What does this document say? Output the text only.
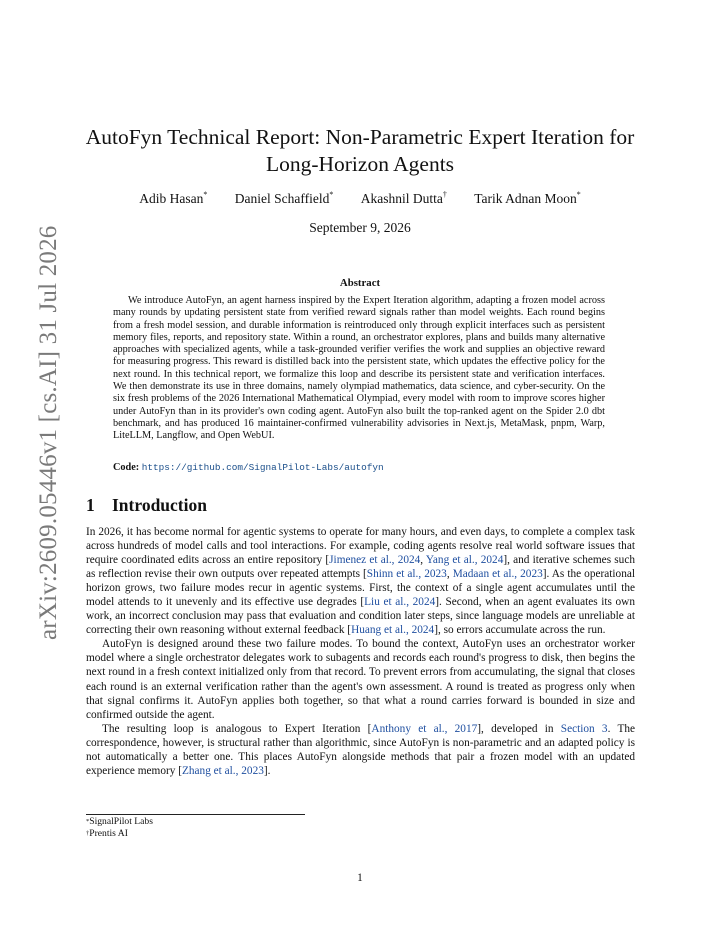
arXiv:2609.05446v1 [cs.AI] 31 Jul 2026
AutoFyn Technical Report: Non-Parametric Expert Iteration for Long-Horizon Agents
Adib Hasan* Daniel Schaffield* Akashnil Dutta† Tarik Adnan Moon*
September 9, 2026
Abstract
We introduce AutoFyn, an agent harness inspired by the Expert Iteration algorithm, adapting a frozen model across many rounds by updating persistent state from verified reward signals rather than model weights. Each round begins from a fresh model session, and durable information is reintroduced only through explicit interfaces such as persistent memory files, reports, and repository state. Within a round, an orchestrator explores, plans and builds many alternative approaches with specialized agents, while a task-grounded verifier verifies the work and supplies an objective reward for measuring progress. This reward is distilled back into the persistent state, which updates the effective policy for the next round. In this technical report, we formalize this loop and describe its persistent state and verification interfaces. We then demonstrate its use in three domains, namely olympiad mathematics, data science, and cyber-security. On the six fresh problems of the 2026 International Mathematical Olympiad, every model with room to improve scores higher under AutoFyn than in its provider's own coding agent. AutoFyn also built the top-ranked agent on the Spider 2.0 dbt benchmark, and has produced 16 maintainer-confirmed vulnerability advisories in Next.js, MetaMask, pnpm, Warp, LiteLLM, Langflow, and Open WebUI.
Code: https://github.com/SignalPilot-Labs/autofyn
1 Introduction

In 2026, it has become normal for agentic systems to operate for many hours, and even days, to complete a complex task across hundreds of model calls and tool interactions. For example, coding agents resolve real world software issues that require coordinated edits across an entire repository [Jimenez et al., 2024, Yang et al., 2024], and iterative schemes such as reflection revise their own outputs over repeated attempts [Shinn et al., 2023, Madaan et al., 2023]. As the operational horizon grows, two failure modes recur in agentic systems. First, the context of a single agent accumulates until the model attends to it unevenly and its effective use degrades [Liu et al., 2024]. Second, when an agent evaluates its own work, an incorrect conclusion may pass that evaluation and condition later steps, since language models are unreliable at correcting their own reasoning without external feedback [Huang et al., 2024], so errors accumulate across the run.

AutoFyn is designed around these two failure modes. To bound the context, AutoFyn uses an orchestrator worker model where a single orchestrator delegates work to subagents and records each round's progress to disk, then begins the next round in a fresh context initialized only from that record. To prevent errors from accumulating, the signal that closes each round is an external verification rather than the agent's own assessment. A round is treated as progress only when that signal confirms it. AutoFyn applies both together, so that what a round carries forward is bounded in size and confirmed outside the agent.

The resulting loop is analogous to Expert Iteration [Anthony et al., 2017], developed in Section 3. The correspondence, however, is structural rather than algorithmic, since AutoFyn is non-parametric and an adapted policy is not automatically a better one. This places AutoFyn alongside methods that pair a frozen model with an updated experience memory [Zhang et al., 2023].

*SignalPilot Labs
†Prentis AI
1
